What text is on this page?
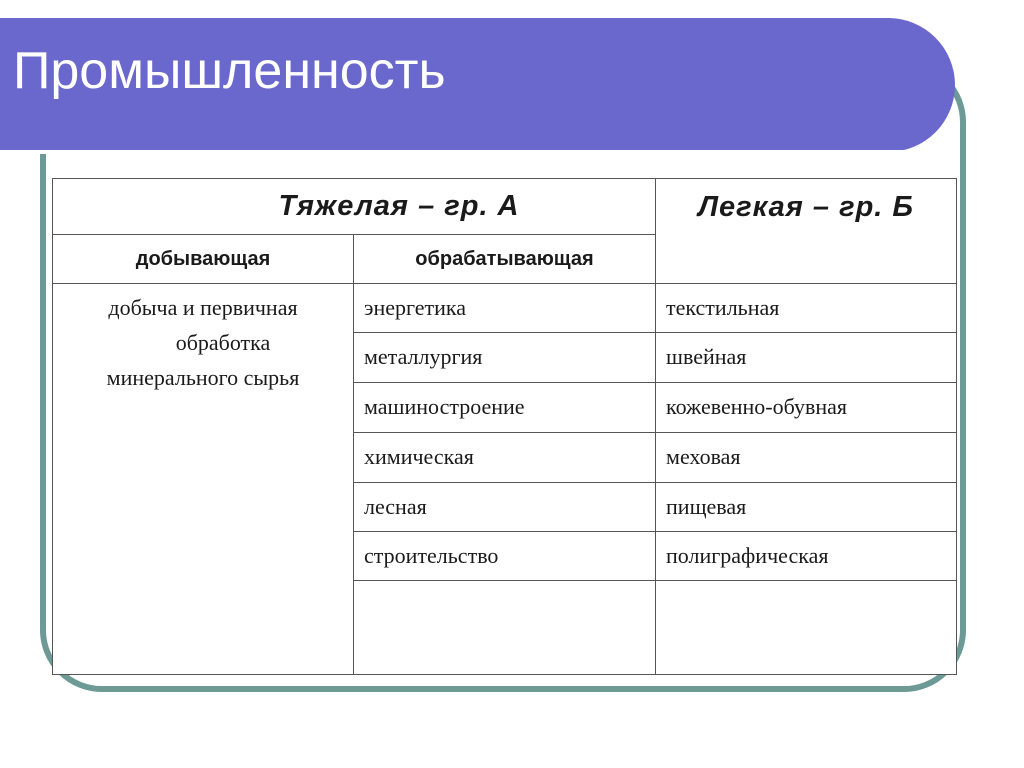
Промышленность
Тяжелая – гр. А		Легкая – гр. Б
добывающая	обрабатывающая	

добыча и первичная
обработка
минерального сырья	энергетика	текстильная
	металлургия	швейная
	машиностроение	кожевенно-обувная
	химическая	меховая
	лесная	пищевая
	строительство	полиграфическая
